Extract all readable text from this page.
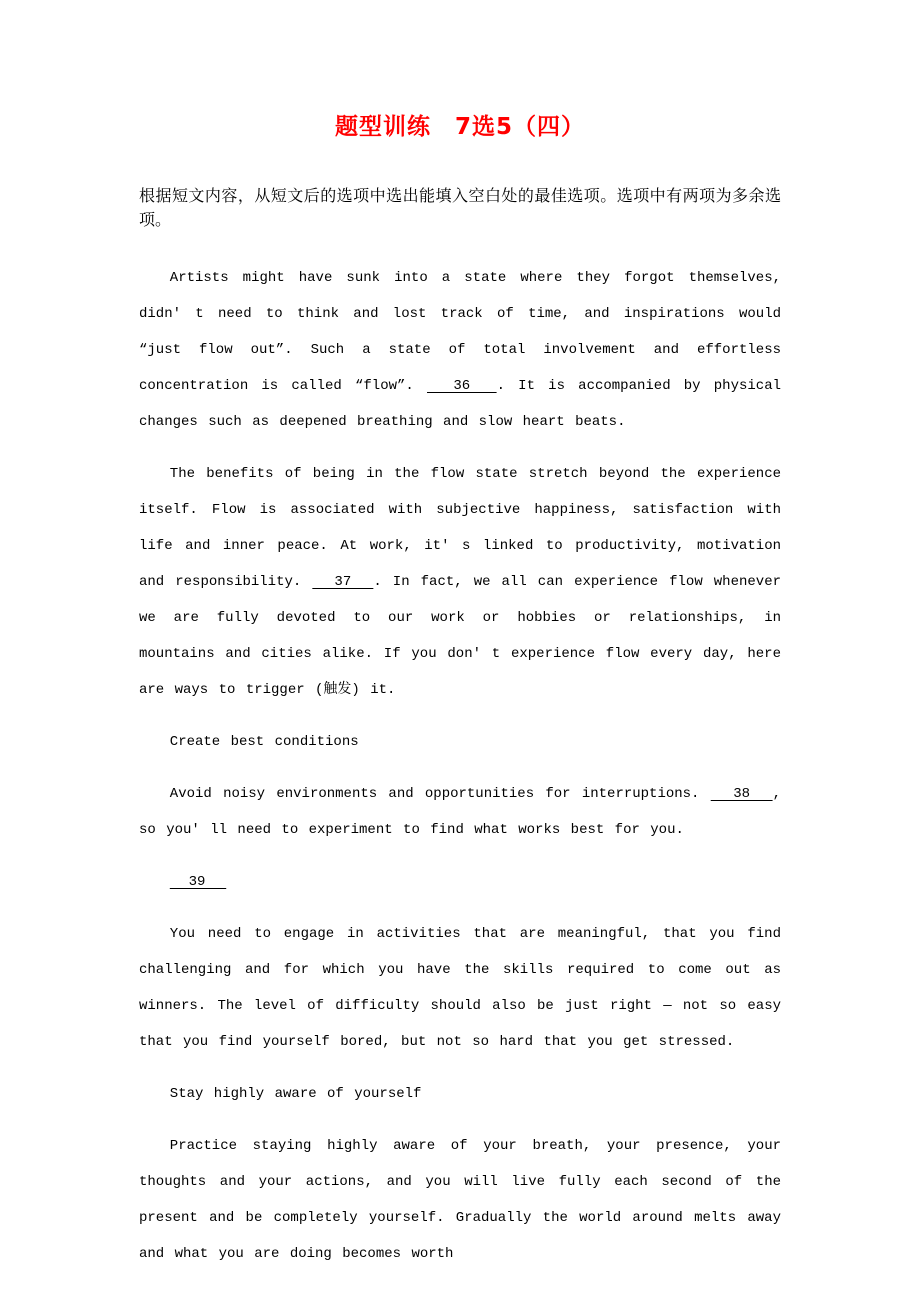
题型训练　7选5（四）
根据短文内容，从短文后的选项中选出能填入空白处的最佳选项。选项中有两项为多余选项。

Artists might have sunk into a state where they forgot themselves, didn' t need to think and lost track of time, and inspirations would “just flow out”. Such a state of total involvement and effortless concentration is called “flow”.   36  . It is accompanied by physical changes such as deepened breathing and slow heart beats.

The benefits of being in the flow state stretch beyond the experience itself. Flow is associated with subjective happiness, satisfaction with life and inner peace. At work, it' s linked to productivity, motivation and responsibility.   37  . In fact, we all can experience flow whenever we are fully devoted to our work or hobbies or relationships, in mountains and cities alike. If you don' t experience flow every day, here are ways to trigger (触发) it.

Create best conditions

Avoid noisy environments and opportunities for interruptions.   38  , so you' ll need to experiment to find what works best for you.

39

You need to engage in activities that are meaningful, that you find challenging and for which you have the skills required to come out as winners. The level of difficulty should also be just right — not so easy that you find yourself bored, but not so hard that you get stressed.

Stay highly aware of yourself

Practice staying highly aware of your breath, your presence, your thoughts and your actions, and you will live fully each second of the present and be completely yourself. Gradually the world around melts away and what you are doing becomes worth
